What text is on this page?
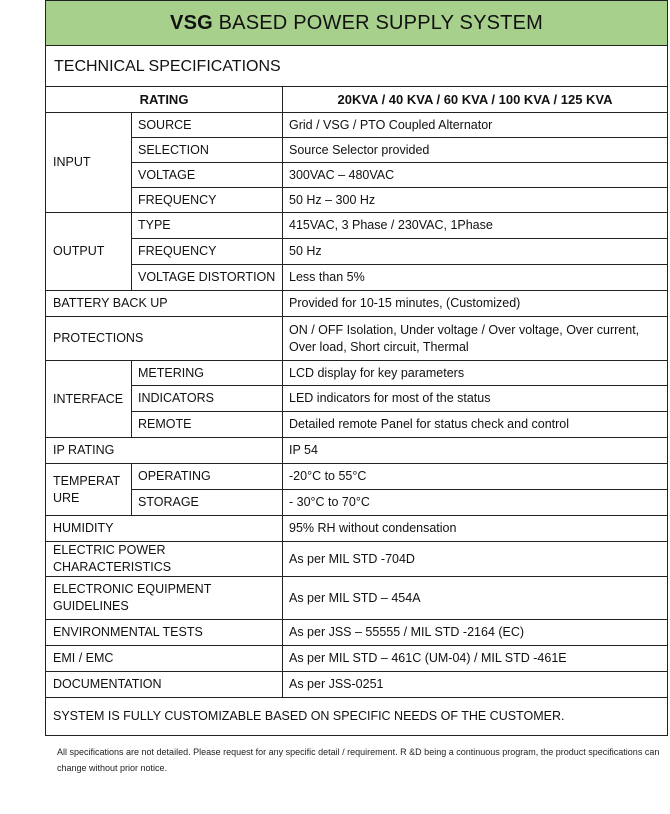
VSG BASED POWER SUPPLY SYSTEM		
TECHNICAL SPECIFICATIONS		
RATING		20KVA / 40 KVA / 60 KVA / 100 KVA / 125 KVA
INPUT	SOURCE	Grid / VSG / PTO Coupled Alternator
	SELECTION	Source Selector provided
	VOLTAGE	300VAC – 480VAC
	FREQUENCY	50 Hz – 300 Hz
OUTPUT	TYPE	415VAC, 3 Phase / 230VAC, 1Phase
	FREQUENCY	50 Hz
	VOLTAGE DISTORTION	Less than 5%
BATTERY BACK UP		Provided for 10-15 minutes, (Customized)
PROTECTIONS		ON / OFF Isolation, Under voltage / Over voltage, Over current, Over load, Short circuit, Thermal
INTERFACE	METERING	LCD display for key parameters
	INDICATORS	LED indicators for most of the status
	REMOTE	Detailed remote Panel for status check and control
IP RATING		IP 54
TEMPERATURE	OPERATING	-20°C to 55°C
	STORAGE	- 30°C to 70°C
HUMIDITY		95% RH without condensation
ELECTRIC POWER CHARACTERISTICS		As per MIL STD -704D
ELECTRONIC EQUIPMENT GUIDELINES		As per MIL STD – 454A
ENVIRONMENTAL TESTS		As per JSS – 55555 / MIL STD -2164 (EC)
EMI / EMC		As per MIL STD – 461C (UM-04) / MIL STD -461E
DOCUMENTATION		As per JSS-0251
SYSTEM IS FULLY CUSTOMIZABLE BASED ON SPECIFIC NEEDS OF THE CUSTOMER.		
All specifications are not detailed. Please request for any specific detail / requirement. R &D being a continuous program, the product specifications can change without prior notice.
